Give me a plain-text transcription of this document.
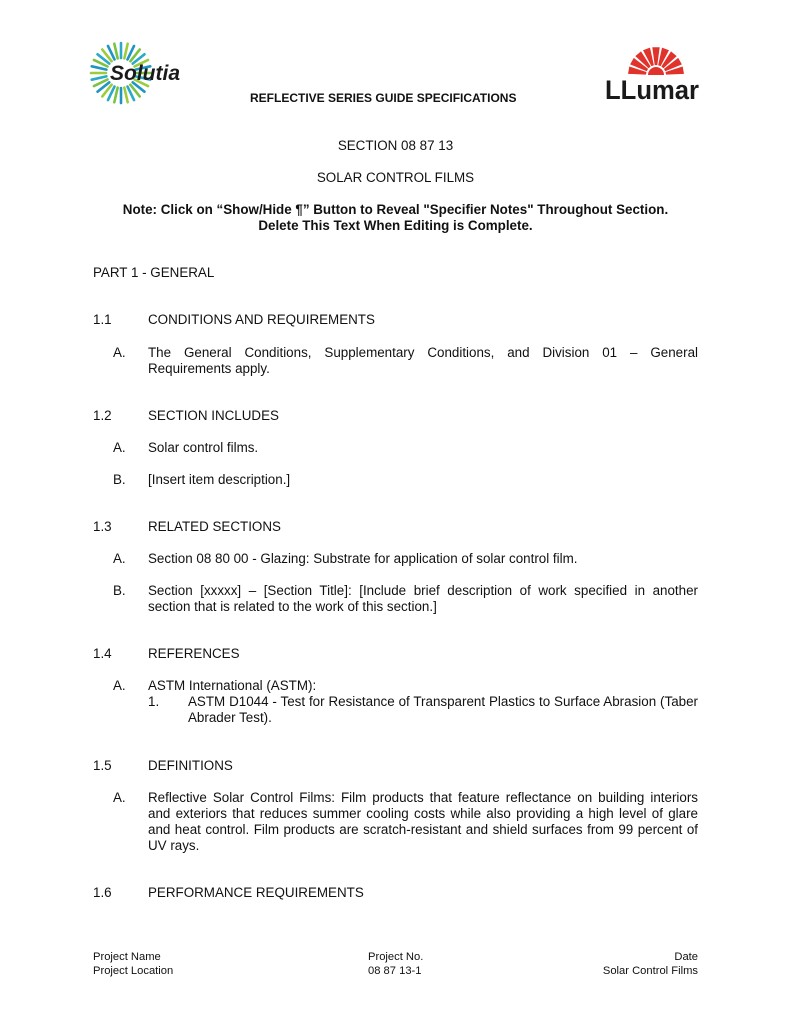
Solutia
LLumar
REFLECTIVE SERIES GUIDE SPECIFICATIONS
SECTION 08 87 13
SOLAR CONTROL FILMS
Note: Click on “Show/Hide ¶” Button to Reveal "Specifier Notes" Throughout Section.
Delete This Text When Editing is Complete.
PART 1 - GENERAL
1.1	CONDITIONS AND REQUIREMENTS
A. The General Conditions, Supplementary Conditions, and Division 01 – General Requirements apply.
1.2	SECTION INCLUDES
A. Solar control films.
B. [Insert item description.]
1.3	RELATED SECTIONS
A. Section 08 80 00 - Glazing: Substrate for application of solar control film.
B. Section [xxxxx] – [Section Title]: [Include brief description of work specified in another section that is related to the work of this section.]
1.4	REFERENCES
A. ASTM International (ASTM):
1. ASTM D1044 - Test for Resistance of Transparent Plastics to Surface Abrasion (Taber Abrader Test).
1.5	DEFINITIONS
A. Reflective Solar Control Films: Film products that feature reflectance on building interiors and exteriors that reduces summer cooling costs while also providing a high level of glare and heat control. Film products are scratch-resistant and shield surfaces from 99 percent of UV rays.
1.6	PERFORMANCE REQUIREMENTS
Project Name
Project Location
Project No.
08 87 13-1
Date
Solar Control Films
